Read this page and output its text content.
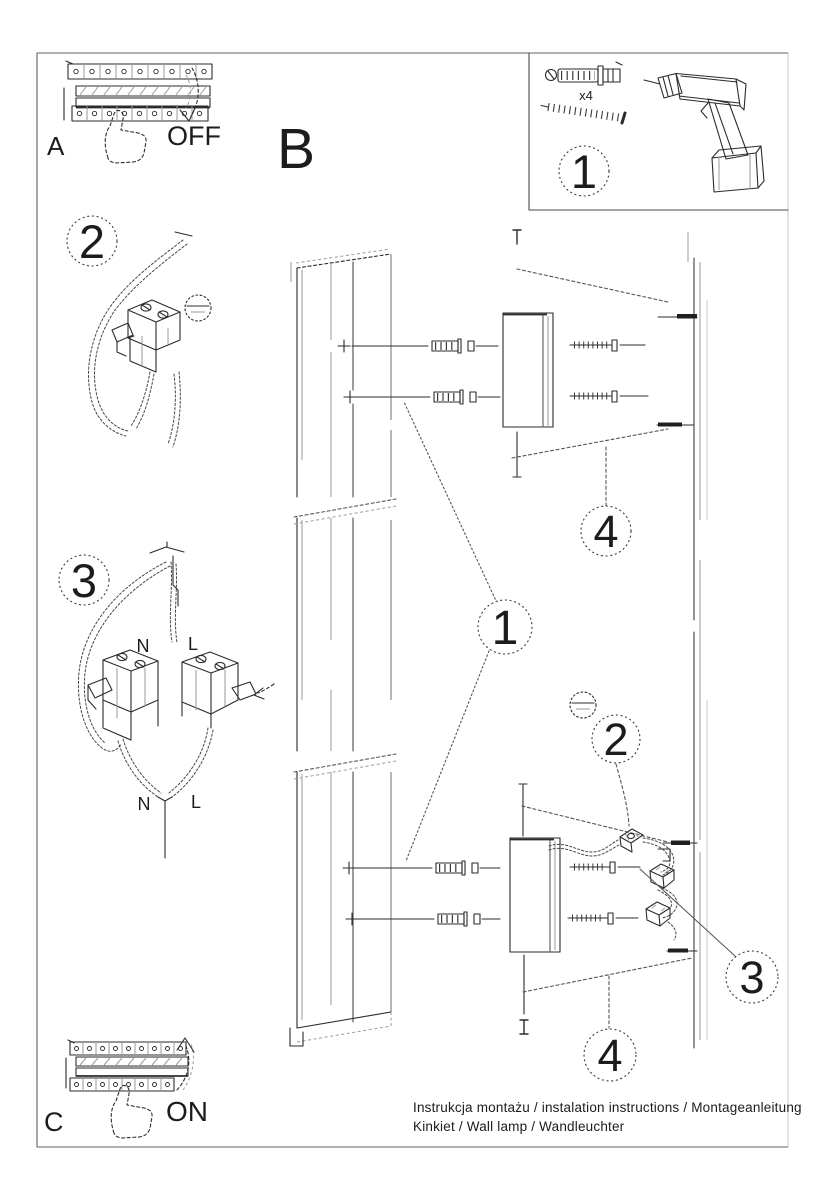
x4
1
A	OFF B
2
3
N L
N L
C	ON
4
4
1
2
3
Instrukcja montażu / instalation instructions / Montageanleitung
Kinkiet / Wall lamp / Wandleuchter
